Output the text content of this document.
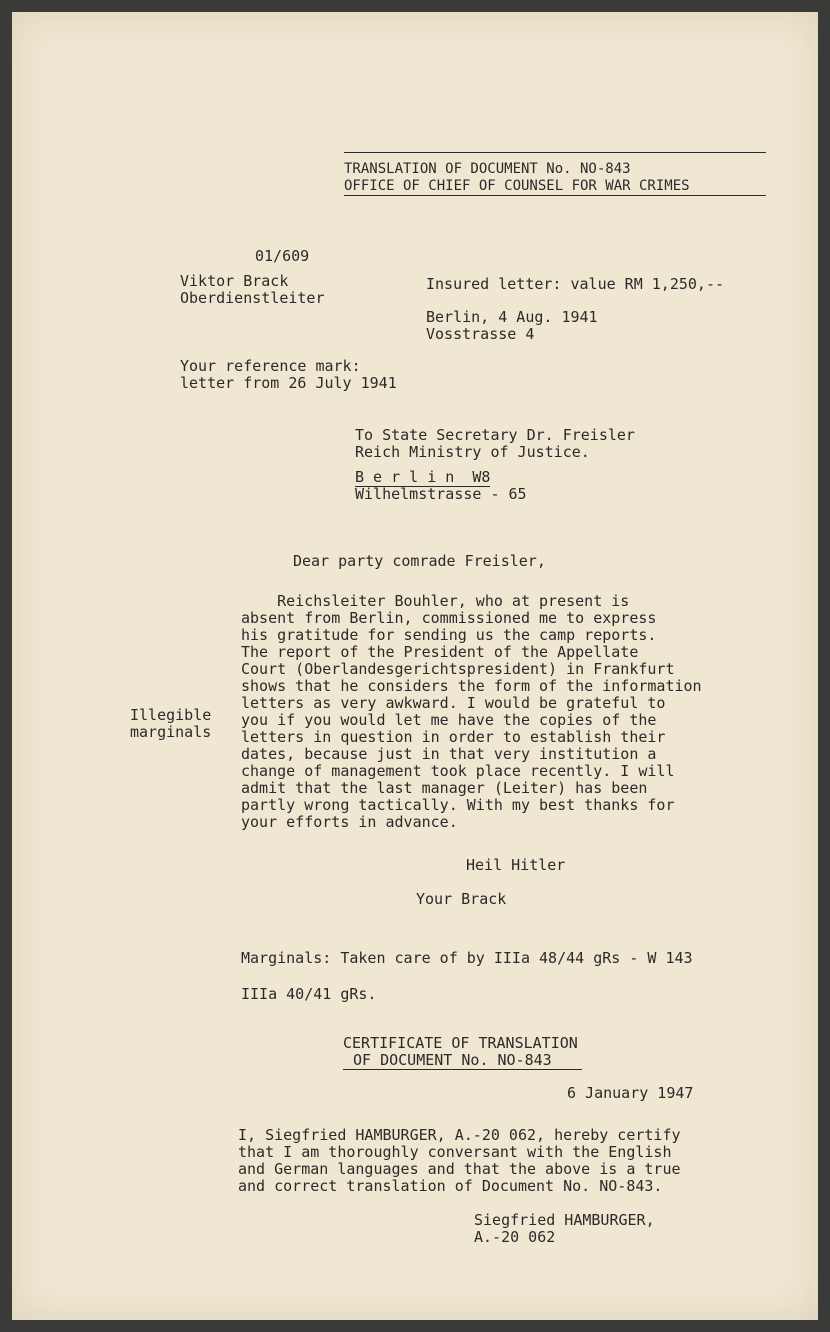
TRANSLATION OF DOCUMENT No. NO-843
OFFICE OF CHIEF OF COUNSEL FOR WAR CRIMES
01/609
Viktor Brack
Oberdienstleiter
Insured letter: value RM 1,250,--
Berlin, 4 Aug. 1941
Vosstrasse 4
Your reference mark:
letter from 26 July 1941
To State Secretary Dr. Freisler
Reich Ministry of Justice.
B e r l i n  W8
Wilhelmstrasse - 65
Dear party comrade Freisler,
Reichsleiter Bouhler, who at present is
absent from Berlin, commissioned me to express
his gratitude for sending us the camp reports.
The report of the President of the Appellate
Court (Oberlandesgerichtspresident) in Frankfurt
shows that he considers the form of the information
letters as very awkward. I would be grateful to
you if you would let me have the copies of the
letters in question in order to establish their
dates, because just in that very institution a
change of management took place recently. I will
admit that the last manager (Leiter) has been
partly wrong tactically. With my best thanks for
your efforts in advance.
Illegible
marginals
Heil Hitler
Your Brack
Marginals: Taken care of by IIIa 48/44 gRs - W 143
IIIa 40/41 gRs.
CERTIFICATE OF TRANSLATION
OF DOCUMENT No. NO-843
6 January 1947
I, Siegfried HAMBURGER, A.-20 062, hereby certify
that I am thoroughly conversant with the English
and German languages and that the above is a true
and correct translation of Document No. NO-843.
Siegfried HAMBURGER,
A.-20 062
